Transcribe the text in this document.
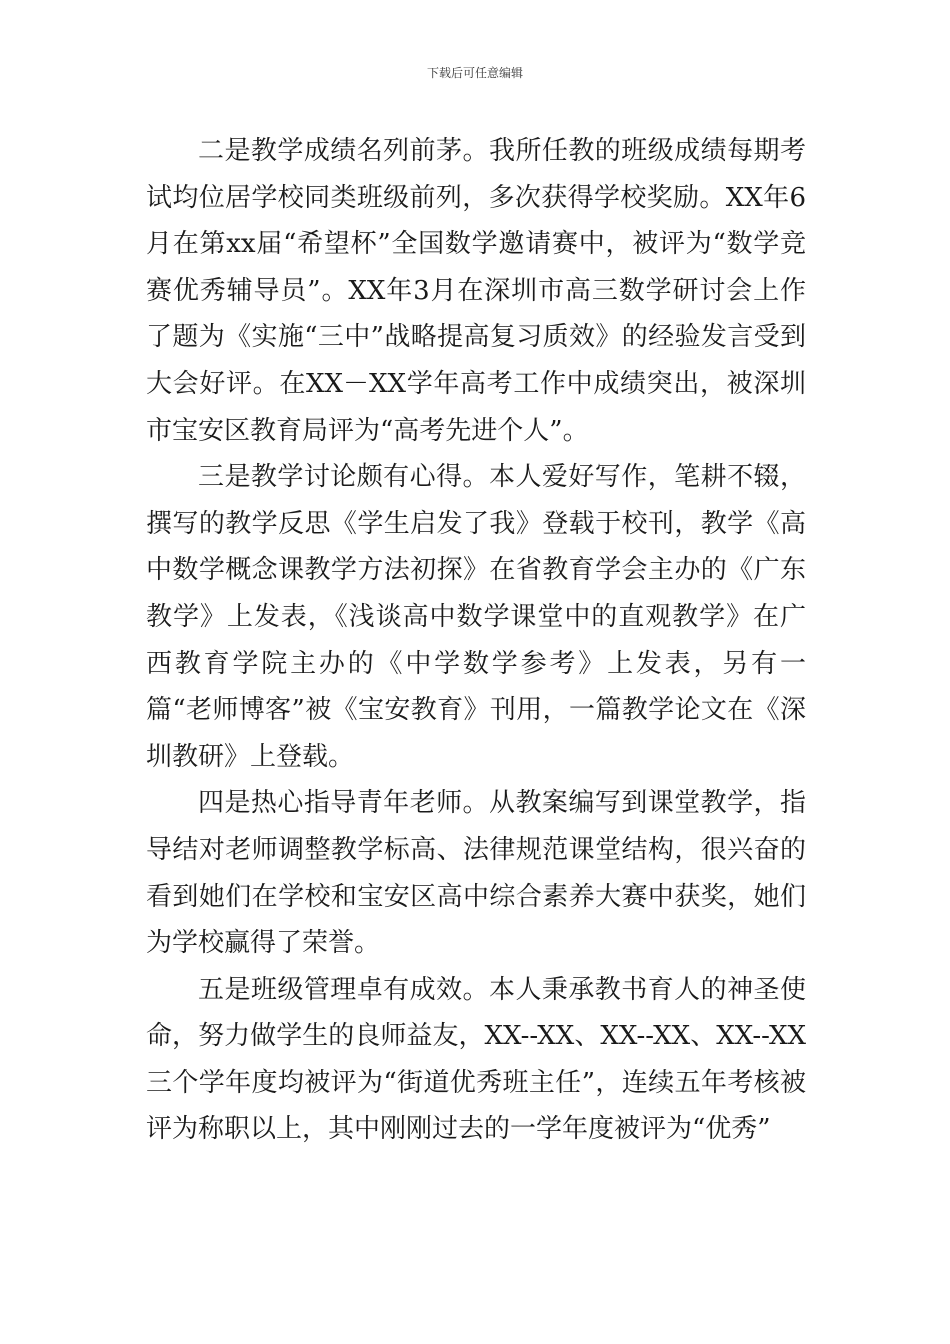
下载后可任意编辑

二是教学成绩名列前茅。我所任教的班级成绩每期考试均位居学校同类班级前列，多次获得学校奖励。XX年6月在第xx届“希望杯”全国数学邀请赛中，被评为“数学竞赛优秀辅导员”。XX年3月在深圳市高三数学研讨会上作了题为《实施“三中”战略提高复习质效》的经验发言受到大会好评。在XX－XX学年高考工作中成绩突出，被深圳市宝安区教育局评为“高考先进个人”。

三是教学讨论颇有心得。本人爱好写作，笔耕不辍，撰写的教学反思《学生启发了我》登载于校刊，教学《高中数学概念课教学方法初探》在省教育学会主办的《广东教学》上发表，《浅谈高中数学课堂中的直观教学》在广西教育学院主办的《中学数学参考》上发表，另有一篇“老师博客”被《宝安教育》刊用，一篇教学论文在《深圳教研》上登载。

四是热心指导青年老师。从教案编写到课堂教学，指导结对老师调整教学标高、法律规范课堂结构，很兴奋的看到她们在学校和宝安区高中综合素养大赛中获奖，她们为学校赢得了荣誉。

五是班级管理卓有成效。本人秉承教书育人的神圣使命，努力做学生的良师益友，XX--XX、XX--XX、XX--XX三个学年度均被评为“街道优秀班主任”，连续五年考核被评为称职以上，其中刚刚过去的一学年度被评为“优秀”
